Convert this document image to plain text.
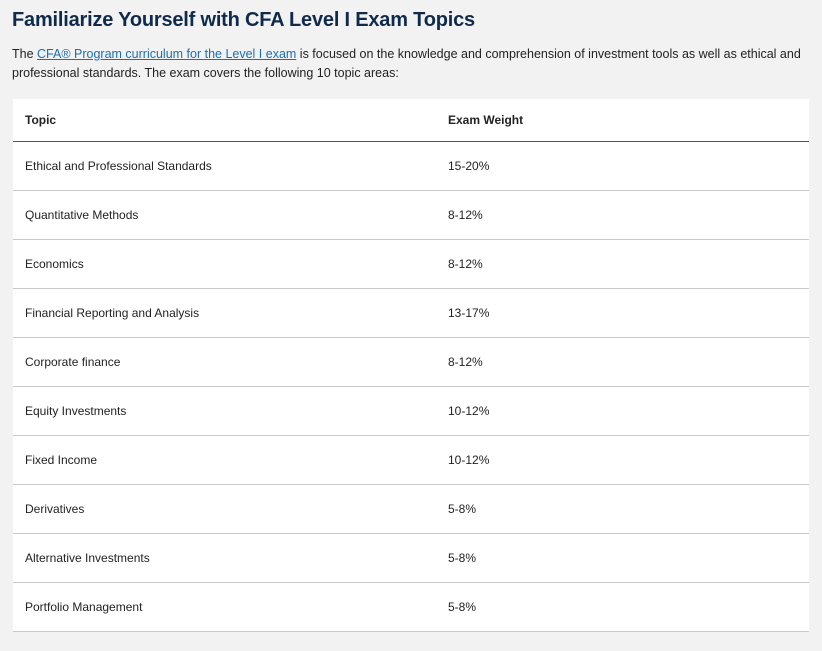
Familiarize Yourself with CFA Level I Exam Topics

The CFA® Program curriculum for the Level I exam is focused on the knowledge and comprehension of investment tools as well as ethical and professional standards. The exam covers the following 10 topic areas:

Topic	Exam Weight
Ethical and Professional Standards	15-20%
Quantitative Methods	8-12%
Economics	8-12%
Financial Reporting and Analysis	13-17%
Corporate finance	8-12%
Equity Investments	10-12%
Fixed Income	10-12%
Derivatives	5-8%
Alternative Investments	5-8%
Portfolio Management	5-8%
